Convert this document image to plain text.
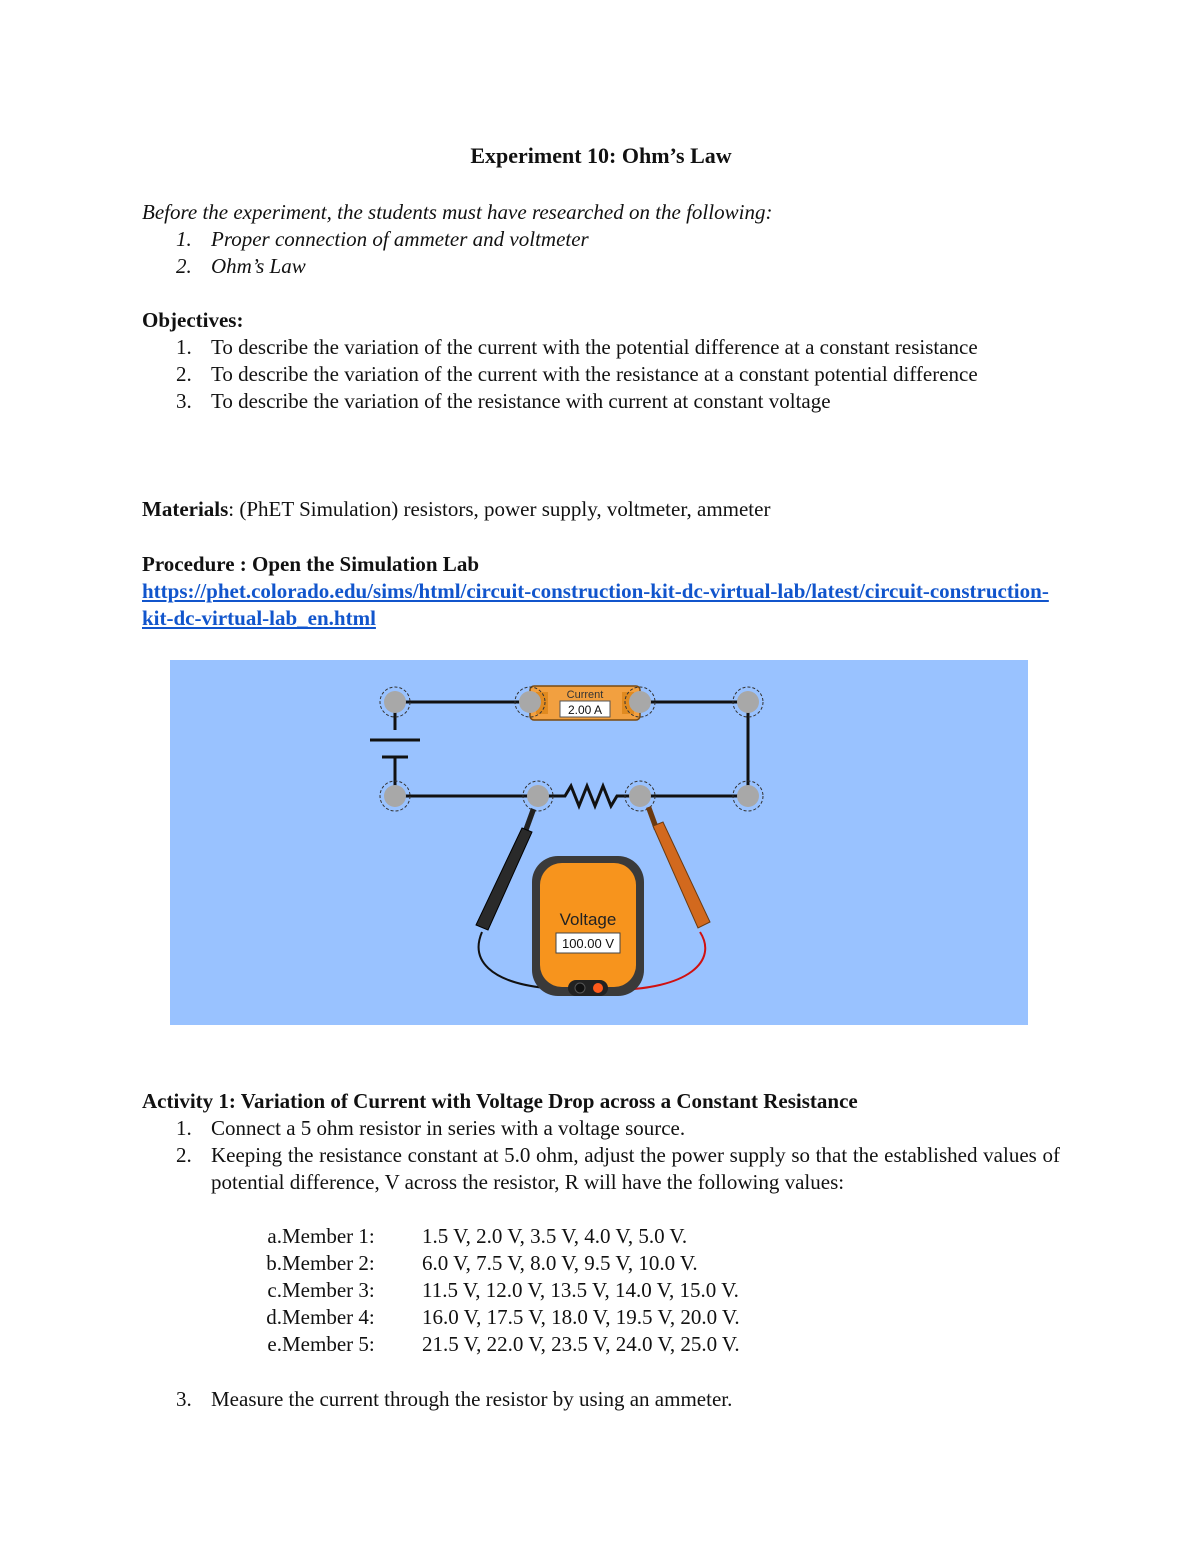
Experiment 10: Ohm’s Law

Before the experiment, the students must have researched on the following:

1. Proper connection of ammeter and voltmeter
2. Ohm’s Law

Objectives:

1. To describe the variation of the current with the potential difference at a constant resistance
2. To describe the variation of the current with the resistance at a constant potential difference
3. To describe the variation of the resistance with current at constant voltage

Materials: (PhET Simulation) resistors, power supply, voltmeter, ammeter

Procedure : Open the Simulation Lab

https://phet.colorado.edu/sims/html/circuit-construction-kit-dc-virtual-lab/latest/circuit-construction-kit-dc-virtual-lab_en.html

Activity 1: Variation of Current with Voltage Drop across a Constant Resistance

1. Connect a 5 ohm resistor in series with a voltage source.
2. Keeping the resistance constant at 5.0 ohm, adjust the power supply so that the established values of potential difference, V across the resistor, R will have the following values:
a. Member 1: 1.5 V, 2.0 V, 3.5 V, 4.0 V, 5.0 V.
b. Member 2: 6.0 V, 7.5 V, 8.0 V, 9.5 V, 10.0 V.
c. Member 3: 11.5 V, 12.0 V, 13.5 V, 14.0 V, 15.0 V.
d. Member 4: 16.0 V, 17.5 V, 18.0 V, 19.5 V, 20.0 V.
e. Member 5: 21.5 V, 22.0 V, 23.5 V, 24.0 V, 25.0 V.
3. Measure the current through the resistor by using an ammeter.
Current
2.00 A
Voltage
100.00 V
